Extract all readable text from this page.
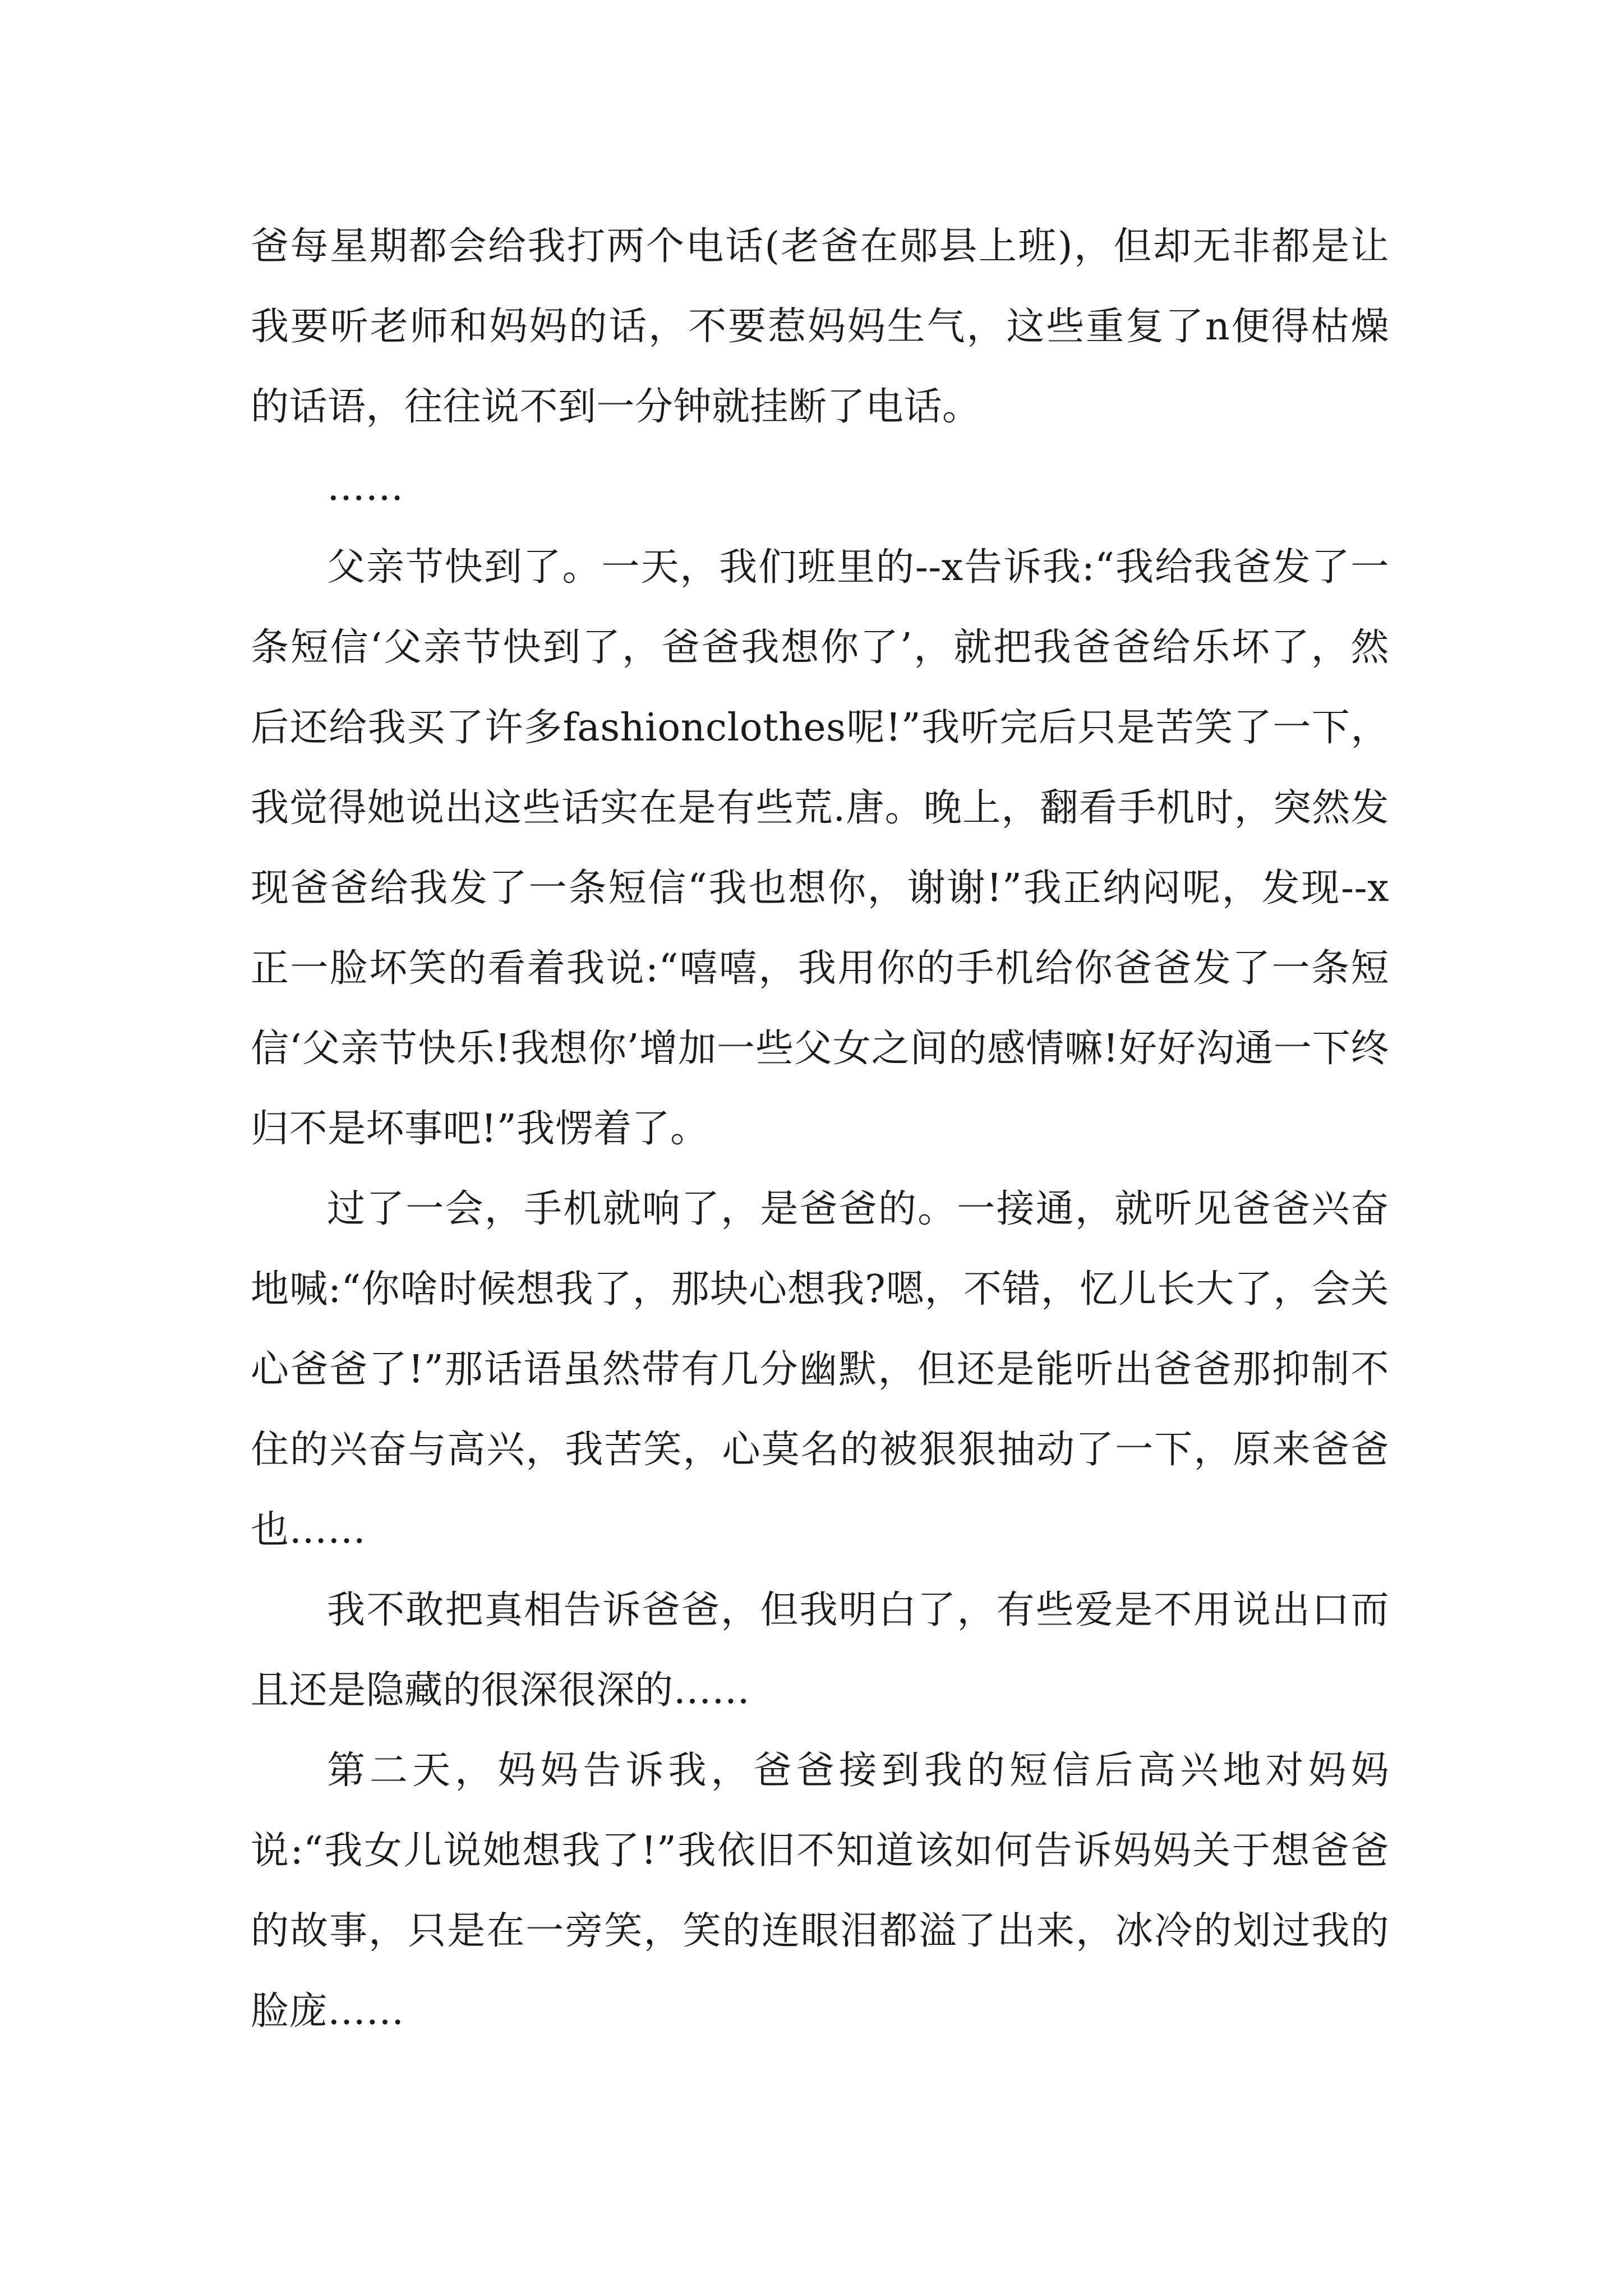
爸每星期都会给我打两个电话(老爸在郧县上班)，但却无非都是让我要听老师和妈妈的话，不要惹妈妈生气，这些重复了n便得枯燥的话语，往往说不到一分钟就挂断了电话。

……

父亲节快到了。一天，我们班里的--x告诉我:“我给我爸发了一条短信‘父亲节快到了，爸爸我想你了’，就把我爸爸给乐坏了，然后还给我买了许多fashionclothes呢!”我听完后只是苦笑了一下，我觉得她说出这些话实在是有些荒.唐。晚上，翻看手机时，突然发现爸爸给我发了一条短信“我也想你，谢谢!”我正纳闷呢，发现--x正一脸坏笑的看着我说:“嘻嘻，我用你的手机给你爸爸发了一条短信‘父亲节快乐!我想你’增加一些父女之间的感情嘛!好好沟通一下终归不是坏事吧!”我愣着了。

过了一会，手机就响了，是爸爸的。一接通，就听见爸爸兴奋地喊:“你啥时候想我了，那块心想我?嗯，不错，忆儿长大了，会关心爸爸了!”那话语虽然带有几分幽默，但还是能听出爸爸那抑制不住的兴奋与高兴，我苦笑，心莫名的被狠狠抽动了一下，原来爸爸也……

我不敢把真相告诉爸爸，但我明白了，有些爱是不用说出口而且还是隐藏的很深很深的……

第二天，妈妈告诉我，爸爸接到我的短信后高兴地对妈妈说:“我女儿说她想我了!”我依旧不知道该如何告诉妈妈关于想爸爸的故事，只是在一旁笑，笑的连眼泪都溢了出来，冰冷的划过我的脸庞……
